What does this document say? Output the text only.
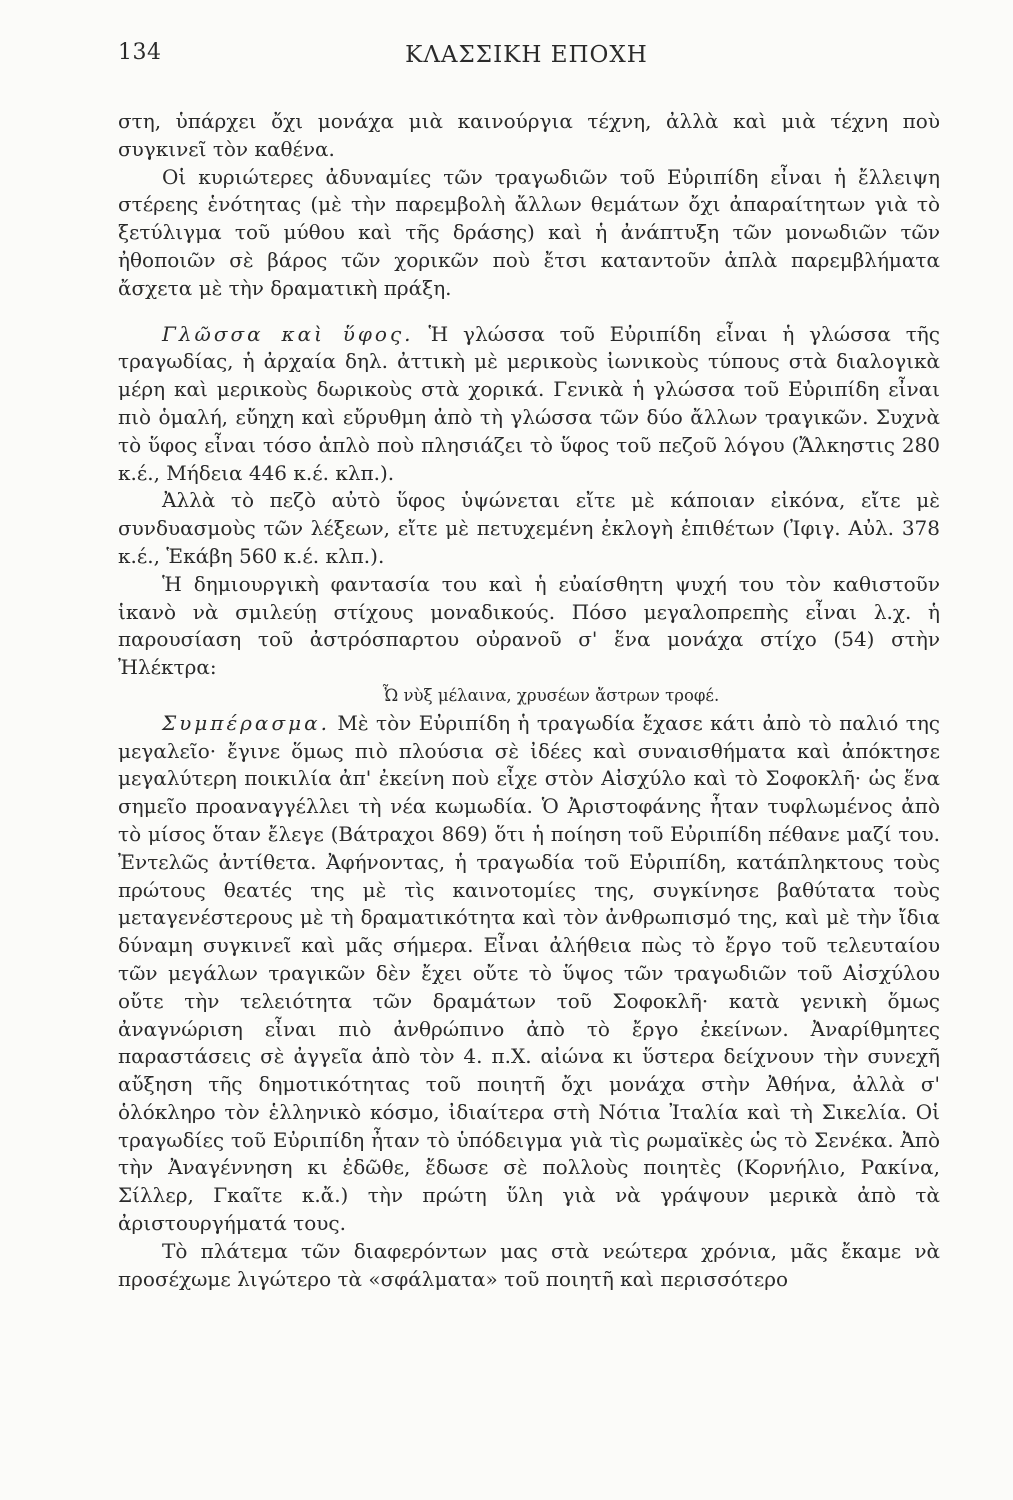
134	ΚΛΑΣΣΙΚΗ ΕΠΟΧΗ

στη, ὑπάρχει ὄχι μονάχα μιὰ καινούργια τέχνη, ἀλλὰ καὶ μιὰ τέχνη ποὺ συγκινεῖ τὸν καθένα.

Οἱ κυριώτερες ἀδυναμίες τῶν τραγωδιῶν τοῦ Εὐριπίδη εἶναι ἡ ἔλλειψη στέρεης ἑνότητας (μὲ τὴν παρεμβολὴ ἄλλων θεμάτων ὄχι ἀπαραίτητων γιὰ τὸ ξετύλιγμα τοῦ μύθου καὶ τῆς δράσης) καὶ ἡ ἀνάπτυξη τῶν μονωδιῶν τῶν ἠθοποιῶν σὲ βάρος τῶν χορικῶν ποὺ ἔτσι καταντοῦν ἁπλὰ παρεμβλήματα ἄσχετα μὲ τὴν δραματικὴ πράξη.

Γλῶσσα καὶ ὕφος. Ἡ γλώσσα τοῦ Εὐριπίδη εἶναι ἡ γλώσσα τῆς τραγωδίας, ἡ ἀρχαία δηλ. ἀττικὴ μὲ μερικοὺς ἰωνικοὺς τύπους στὰ διαλογικὰ μέρη καὶ μερικοὺς δωρικοὺς στὰ χορικά. Γενικὰ ἡ γλώσσα τοῦ Εὐριπίδη εἶναι πιὸ ὁμαλή, εὔηχη καὶ εὔρυθμη ἀπὸ τὴ γλώσσα τῶν δύο ἄλλων τραγικῶν. Συχνὰ τὸ ὕφος εἶναι τόσο ἁπλὸ ποὺ πλησιάζει τὸ ὕφος τοῦ πεζοῦ λόγου (Ἄλκηστις 280 κ.έ., Μήδεια 446 κ.έ. κλπ.).

Ἀλλὰ τὸ πεζὸ αὐτὸ ὕφος ὑψώνεται εἴτε μὲ κάποιαν εἰκόνα, εἴτε μὲ συνδυασμοὺς τῶν λέξεων, εἴτε μὲ πετυχεμένη ἐκλογὴ ἐπιθέτων (Ἰφιγ. Αὐλ. 378 κ.έ., Ἑκάβη 560 κ.έ. κλπ.).

Ἡ δημιουργικὴ φαντασία του καὶ ἡ εὐαίσθητη ψυχή του τὸν καθιστοῦν ἱκανὸ νὰ σμιλεύῃ στίχους μοναδικούς. Πόσο μεγαλοπρεπὴς εἶναι λ.χ. ἡ παρουσίαση τοῦ ἀστρόσπαρτου οὐρανοῦ σ' ἕνα μονάχα στίχο (54) στὴν Ἠλέκτρα:

Ὦ νὺξ μέλαινα, χρυσέων ἄστρων τροφέ.

Συμπέρασμα. Μὲ τὸν Εὐριπίδη ἡ τραγωδία ἔχασε κάτι ἀπὸ τὸ παλιό της μεγαλεῖο· ἔγινε ὅμως πιὸ πλούσια σὲ ἰδέες καὶ συναισθήματα καὶ ἀπόκτησε μεγαλύτερη ποικιλία ἀπ' ἐκείνη ποὺ εἶχε στὸν Αἰσχύλο καὶ τὸ Σοφοκλῆ· ὡς ἕνα σημεῖο προαναγγέλλει τὴ νέα κωμωδία. Ὁ Ἀριστοφάνης ἦταν τυφλωμένος ἀπὸ τὸ μίσος ὅταν ἔλεγε (Βάτραχοι 869) ὅτι ἡ ποίηση τοῦ Εὐριπίδη πέθανε μαζί του. Ἐντελῶς ἀντίθετα. Ἀφήνοντας, ἡ τραγωδία τοῦ Εὐριπίδη, κατάπληκτους τοὺς πρώτους θεατές της μὲ τὶς καινοτομίες της, συγκίνησε βαθύτατα τοὺς μεταγενέστερους μὲ τὴ δραματικότητα καὶ τὸν ἀνθρωπισμό της, καὶ μὲ τὴν ἴδια δύναμη συγκινεῖ καὶ μᾶς σήμερα. Εἶναι ἀλήθεια πὼς τὸ ἔργο τοῦ τελευταίου τῶν μεγάλων τραγικῶν δὲν ἔχει οὔτε τὸ ὕψος τῶν τραγωδιῶν τοῦ Αἰσχύλου οὔτε τὴν τελειότητα τῶν δραμάτων τοῦ Σοφοκλῆ· κατὰ γενικὴ ὅμως ἀναγνώριση εἶναι πιὸ ἀνθρώπινο ἀπὸ τὸ ἔργο ἐκείνων. Ἀναρίθμητες παραστάσεις σὲ ἀγγεῖα ἀπὸ τὸν 4. π.Χ. αἰώνα κι ὕστερα δείχνουν τὴν συνεχῆ αὔξηση τῆς δημοτικότητας τοῦ ποιητῆ ὄχι μονάχα στὴν Ἀθήνα, ἀλλὰ σ' ὁλόκληρο τὸν ἑλληνικὸ κόσμο, ἰδιαίτερα στὴ Νότια Ἰταλία καὶ τὴ Σικελία. Οἱ τραγωδίες τοῦ Εὐριπίδη ἦταν τὸ ὑπόδειγμα γιὰ τὶς ρωμαϊκὲς ὡς τὸ Σενέκα. Ἀπὸ τὴν Ἀναγέννηση κι ἐδῶθε, ἔδωσε σὲ πολλοὺς ποιητὲς (Κορνήλιο, Ρακίνα, Σίλλερ, Γκαῖτε κ.ἄ.) τὴν πρώτη ὕλη γιὰ νὰ γράψουν μερικὰ ἀπὸ τὰ ἀριστουργήματά τους.

Τὸ πλάτεμα τῶν διαφερόντων μας στὰ νεώτερα χρόνια, μᾶς ἔκαμε νὰ προσέχωμε λιγώτερο τὰ «σφάλματα» τοῦ ποιητῆ καὶ περισσότερο
